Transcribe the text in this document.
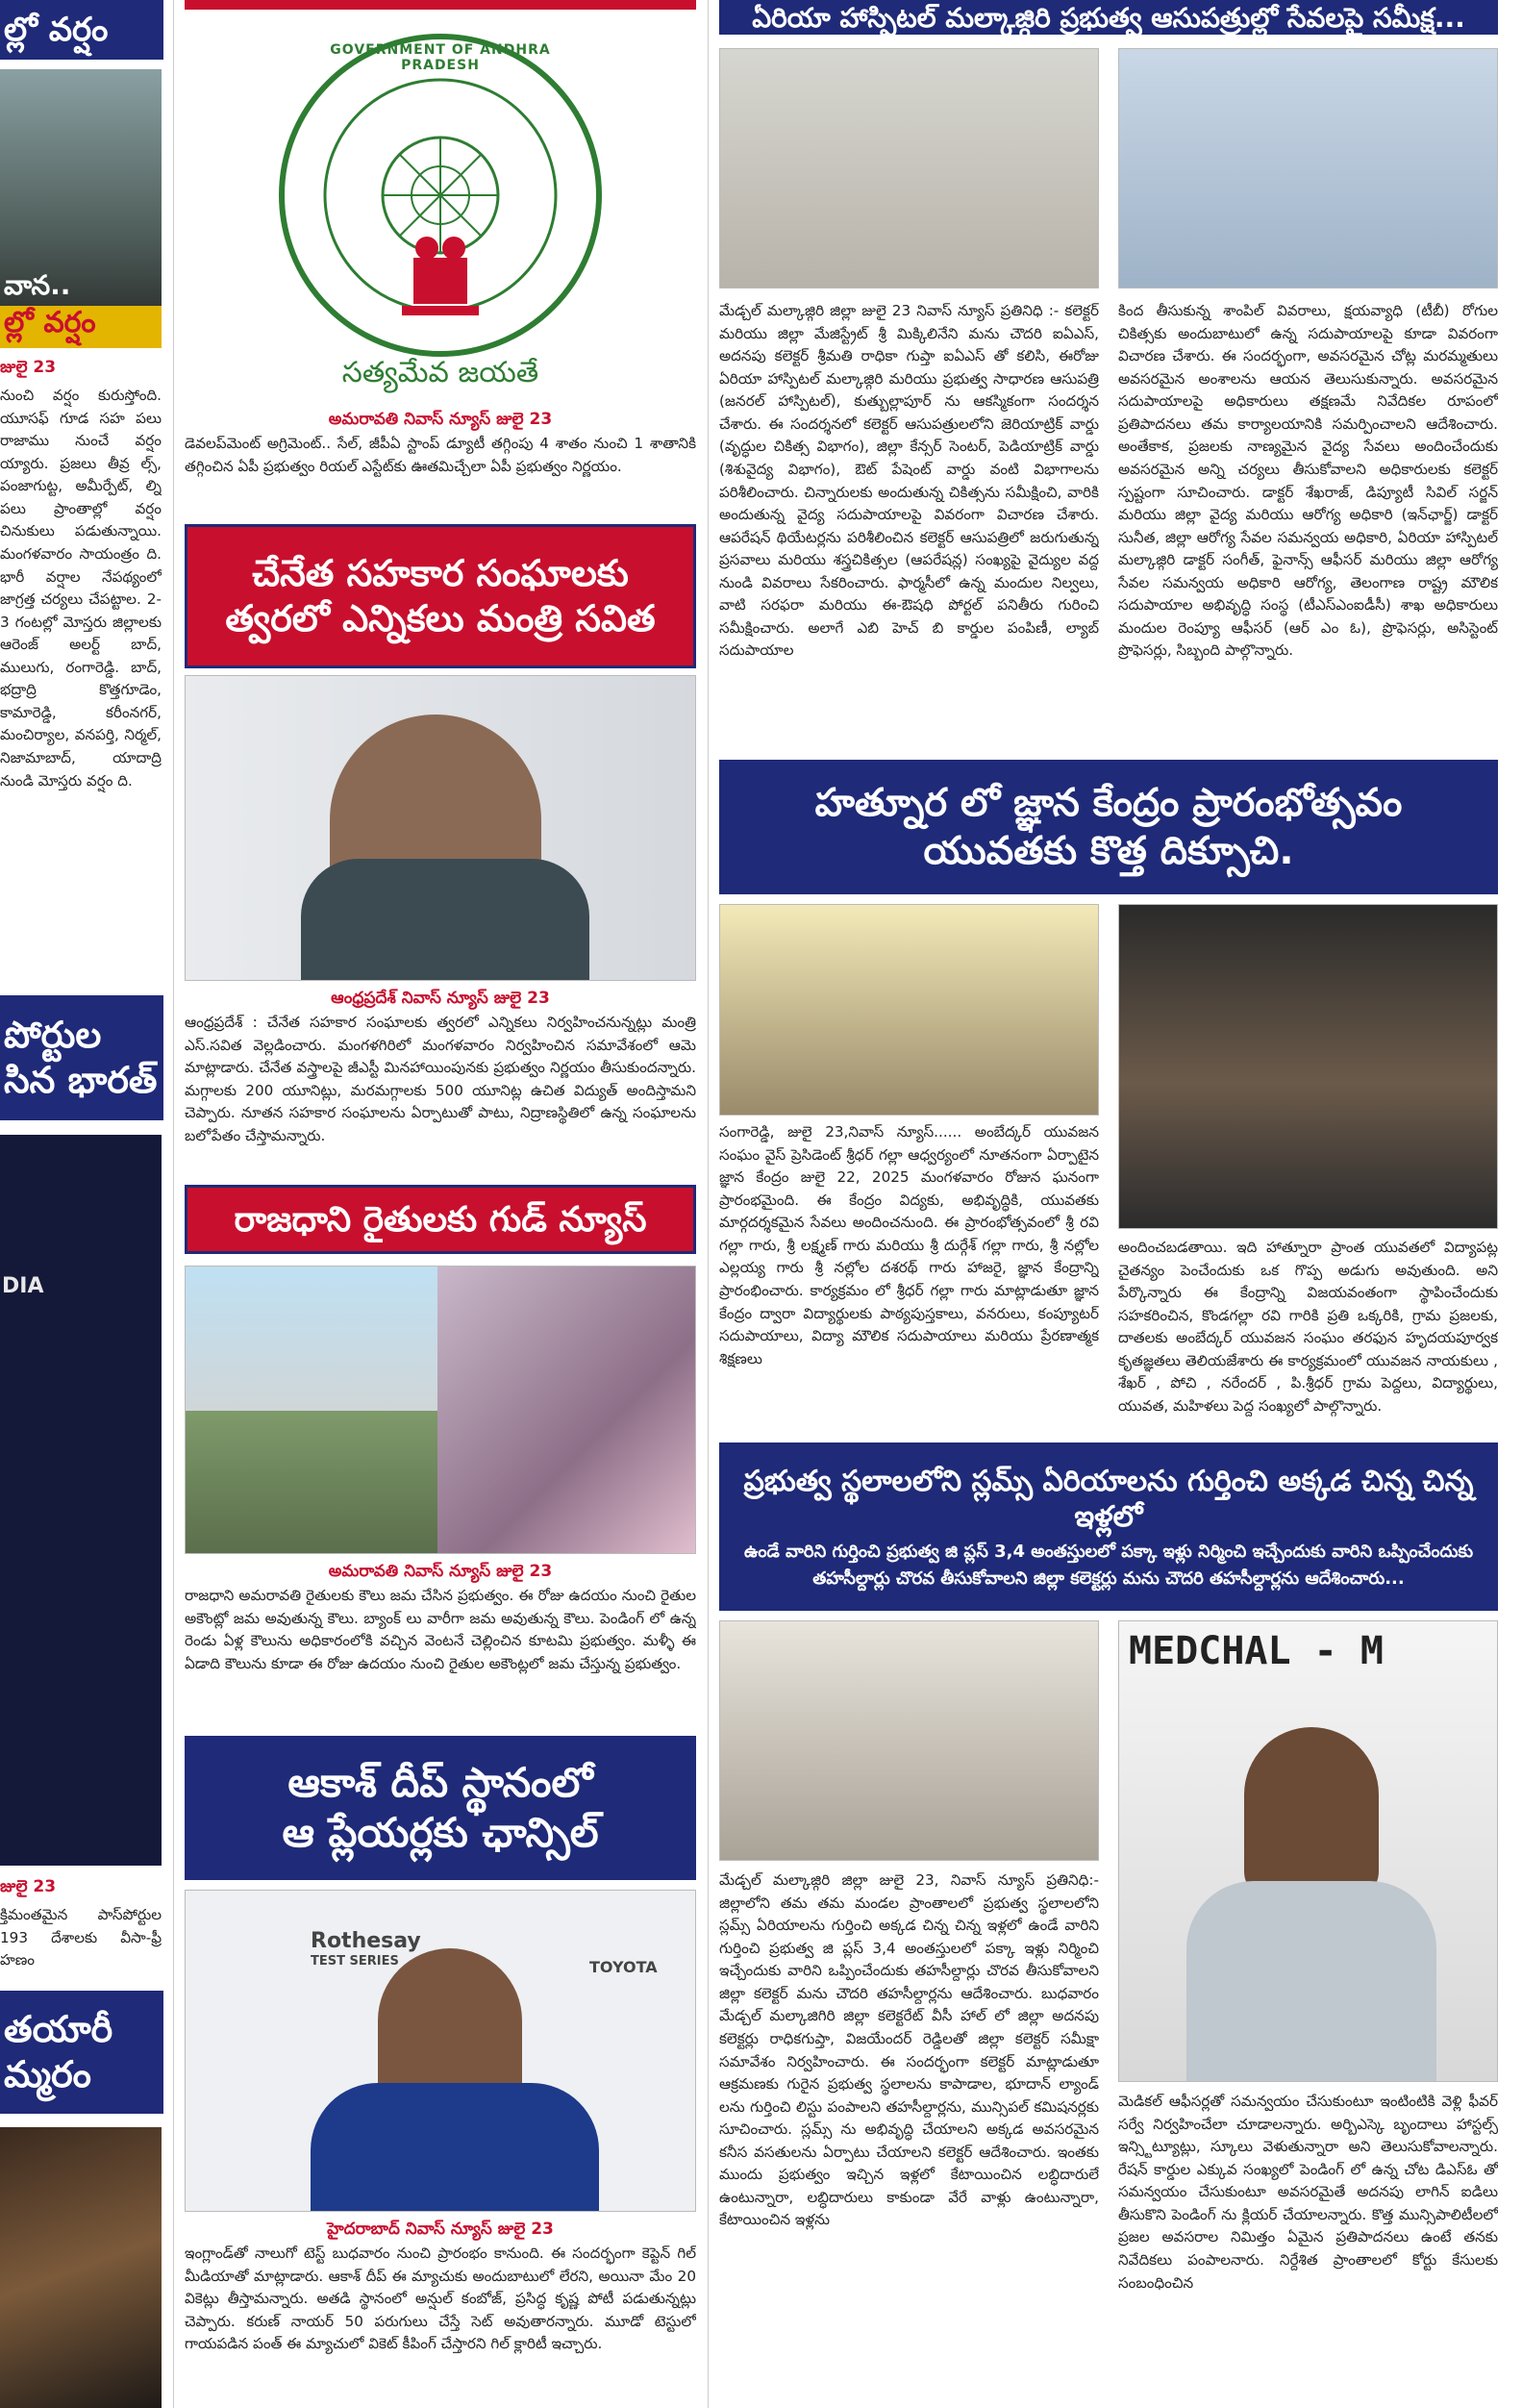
ల్లో వర్షం
వాన..
ల్లో వర్షం
జులై 23
నుంచి వర్షం కురుస్తోంది. యూసఫ్ గూడ సహ పలు రాజాము నుంచే వర్షం య్యారు. ప్రజలు తీవ్ర ల్స్, పంజాగుట్ట, అమీర్పేట్, ల్ని పలు ప్రాంతాల్లో వర్షం చినుకులు పడుతున్నాయి. మంగళవారం సాయంత్రం ది. భారీ వర్షాల నేపథ్యంలో జాగ్రత్త చర్యలు చేపట్టాల. 2-3 గంటల్లో మోస్తరు జిల్లాలకు ఆరెంజ్ అలర్ట్ బాద్, ములుగు, రంగారెడ్డి. బాద్, భద్రాద్రి కొత్తగూడెం, కామారెడ్డి, కరీంనగర్, మంచిర్యాల, వనపర్తి, నిర్మల్, నిజామాబాద్, యాదాద్రి నుండి మోస్తరు వర్షం ది.
పోర్టుల
సిన భారత్
DIA
జులై 23
క్తిమంతమైన పాస్‌పోర్టుల 193 దేశాలకు వీసా-ఫ్రీ హణం
తయారీ
మ్మరం
GOVERNMENT OF ANDHRA PRADESH
సత్యమేవ జయతే
అమరావతి నివాస్ న్యూస్ జులై 23
డెవలప్‌మెంట్ అగ్రిమెంట్.. సేల్, జీపీఏ స్టాంప్ డ్యూటీ తగ్గింపు 4 శాతం నుంచి 1 శాతానికి తగ్గించిన ఏపీ ప్రభుత్వం రియల్ ఎస్టేట్‌కు ఊతమిచ్చేలా ఏపీ ప్రభుత్వం నిర్ణయం.
చేనేత సహకార సంఘాలకు
త్వరలో ఎన్నికలు మంత్రి సవిత
ఆంధ్రప్రదేశ్ నివాస్ న్యూస్ జులై 23
ఆంధ్రప్రదేశ్ : చేనేత సహకార సంఘాలకు త్వరలో ఎన్నికలు నిర్వహించనున్నట్లు మంత్రి ఎస్.సవిత వెల్లడించారు. మంగళగిరిలో మంగళవారం నిర్వహించిన సమావేశంలో ఆమె మాట్లాడారు. చేనేత వస్త్రాలపై జీఎస్టీ మినహాయింపునకు ప్రభుత్వం నిర్ణయం తీసుకుందన్నారు. మగ్గాలకు 200 యూనిట్లు, మరమగ్గాలకు 500 యూనిట్ల ఉచిత విద్యుత్ అందిస్తామని చెప్పారు. నూతన సహకార సంఘాలను ఏర్పాటుతో పాటు, నిద్రాణస్థితిలో ఉన్న సంఘాలను బలోపేతం చేస్తామన్నారు.
రాజధాని రైతులకు గుడ్ న్యూస్
అమరావతి నివాస్ న్యూస్ జులై 23
రాజధాని అమరావతి రైతులకు కౌలు జమ చేసిన ప్రభుత్వం. ఈ రోజు ఉదయం నుంచి రైతుల అకౌంట్లో జమ అవుతున్న కౌలు. బ్యాంక్ లు వారీగా జమ అవుతున్న కౌలు. పెండింగ్ లో ఉన్న రెండు ఏళ్ల కౌలును అధికారంలోకి వచ్చిన వెంటనే చెల్లించిన కూటమి ప్రభుత్వం. మళ్ళీ ఈ ఏడాది కౌలును కూడా ఈ రోజు ఉదయం నుంచి రైతుల అకౌంట్లలో జమ చేస్తున్న ప్రభుత్వం.
ఆకాశ్ దీప్ స్థానంలో
ఆ ప్లేయర్లకు ఛాన్సిల్
Rothesay
TEST SERIES	TOYOTA
హైదరాబాద్ నివాస్ న్యూస్ జులై 23
ఇంగ్లాండ్‌తో నాలుగో టెస్ట్ బుధవారం నుంచి ప్రారంభం కానుంది. ఈ సందర్భంగా కెప్టెన్ గిల్ మీడియాతో మాట్లాడారు. ఆకాశ్ దీప్ ఈ మ్యాచుకు అందుబాటులో లేరని, అయినా మేం 20 వికెట్లు తీస్తామన్నారు. అతడి స్థానంలో అన్షుల్ కంబోజ్, ప్రసిద్ధ కృష్ణ పోటీ పడుతున్నట్లు చెప్పారు. కరుణ్ నాయర్ 50 పరుగులు చేస్తే సెట్ అవుతారన్నారు. మూడో టెస్టులో గాయపడిన పంత్ ఈ మ్యాచులో వికెట్ కీపింగ్ చేస్తారని గిల్ క్లారిటీ ఇచ్చారు.
ఏరియా హాస్పిటల్ మల్కాజ్గిరి ప్రభుత్వ ఆసుపత్రుల్లో సేవలపై సమీక్ష...
మేడ్చల్ మల్కాజ్గిరి జిల్లా జులై 23 నివాస్ న్యూస్ ప్రతినిధి :- కలెక్టర్ మరియు జిల్లా మేజిస్ట్రేట్ శ్రీ మిక్కిలినేని మను చౌదరి ఐఏఎస్, అదనపు కలెక్టర్ శ్రీమతి రాధికా గుప్తా ఐఏఎస్ తో కలిసి, ఈరోజు ఏరియా హాస్పిటల్ మల్కాజ్గిరి మరియు ప్రభుత్వ సాధారణ ఆసుపత్రి (జనరల్ హాస్పిటల్), కుత్బుల్లాపూర్ ను ఆకస్మికంగా సందర్శన చేశారు. ఈ సందర్శనలో కలెక్టర్ ఆసుపత్రులలోని జెరియాట్రిక్ వార్డు (వృద్ధుల చికిత్స విభాగం), జిల్లా కేన్సర్ సెంటర్, పెడియాట్రిక్ వార్డు (శిశువైద్య విభాగం), ఔట్ పేషెంట్ వార్డు వంటి విభాగాలను పరిశీలించారు. చిన్నారులకు అందుతున్న చికిత్సను సమీక్షించి, వారికి అందుతున్న వైద్య సదుపాయాలపై వివరంగా విచారణ చేశారు. ఆపరేషన్ థియేటర్లను పరిశీలించిన కలెక్టర్ ఆసుపత్రిలో జరుగుతున్న ప్రసవాలు మరియు శస్త్రచికిత్సల (ఆపరేషన్ల) సంఖ్యపై వైద్యుల వద్ద నుండి వివరాలు సేకరించారు. ఫార్మసీలో ఉన్న మందుల నిల్వలు, వాటి సరఫరా మరియు ఈ-ఔషధి పోర్టల్ పనితీరు గురించి సమీక్షించారు. అలాగే ఎబి హెచ్ బి కార్డుల పంపిణీ, ల్యాబ్ సదుపాయాల
కింద తీసుకున్న శాంపిల్ వివరాలు, క్షయవ్యాధి (టీబీ) రోగుల చికిత్సకు అందుబాటులో ఉన్న సదుపాయాలపై కూడా వివరంగా విచారణ చేశారు. ఈ సందర్భంగా, అవసరమైన చోట్ల మరమ్మతులు అవసరమైన అంశాలను ఆయన తెలుసుకున్నారు. అవసరమైన సదుపాయాలపై అధికారులు తక్షణమే నివేదికల రూపంలో ప్రతిపాదనలు తమ కార్యాలయానికి సమర్పించాలని ఆదేశించారు. అంతేకాక, ప్రజలకు నాణ్యమైన వైద్య సేవలు అందించేందుకు అవసరమైన అన్ని చర్యలు తీసుకోవాలని అధికారులకు కలెక్టర్ స్పష్టంగా సూచించారు. డాక్టర్ శేఖరాజ్, డిప్యూటీ సివిల్ సర్జన్ మరియు జిల్లా వైద్య మరియు ఆరోగ్య అధికారి (ఇన్‌ఛార్జ్) డాక్టర్ సునీత, జిల్లా ఆరోగ్య సేవల సమన్వయ అధికారి, ఏరియా హాస్పిటల్ మల్కాజ్గిరి డాక్టర్ సంగీత్, ఫైనాన్స్ ఆఫీసర్ మరియు జిల్లా ఆరోగ్య సేవల సమన్వయ అధికారి ఆరోగ్య, తెలంగాణ రాష్ట్ర మౌలిక సదుపాయాల అభివృద్ధి సంస్థ (టీఎస్ఎంఐడీసీ) శాఖ అధికారులు మందుల రెంప్యూ ఆఫీసర్ (ఆర్ ఎం ఓ), ప్రొఫెసర్లు, అసిస్టెంట్ ప్రొఫెసర్లు, సిబ్బంది పాల్గొన్నారు.
హత్నూర లో జ్ఞాన కేంద్రం ప్రారంభోత్సవం
యువతకు కొత్త దిక్సూచి.
సంగారెడ్డి, జులై 23,నివాస్ న్యూస్...... అంబేద్కర్ యువజన సంఘం వైస్ ప్రెసిడెంట్ శ్రీధర్ గల్లా ఆధ్వర్యంలో నూతనంగా ఏర్పాటైన జ్ఞాన కేంద్రం జులై 22, 2025 మంగళవారం రోజున ఘనంగా ప్రారంభమైంది. ఈ కేంద్రం విద్యకు, అభివృద్ధికి, యువతకు మార్గదర్శకమైన సేవలు అందించనుంది. ఈ ప్రారంభోత్సవంలో శ్రీ రవి గల్లా గారు, శ్రీ లక్ష్మణ్ గారు మరియు శ్రీ దుర్గేశ్ గల్లా గారు, శ్రీ నల్లోల ఎల్లయ్య గారు శ్రీ నల్లోల దశరథ్ గారు హాజరై, జ్ఞాన కేంద్రాన్ని ప్రారంభించారు. కార్యక్రమం లో శ్రీధర్ గల్లా గారు మాట్లాడుతూ జ్ఞాన కేంద్రం ద్వారా విద్యార్థులకు పాఠ్యపుస్తకాలు, వనరులు, కంప్యూటర్ సదుపాయాలు, విద్యా మౌలిక సదుపాయాలు మరియు ప్రేరణాత్మక శిక్షణలు
అందించబడతాయి. ఇది హాత్నూరా ప్రాంత యువతలో విద్యాపట్ల చైతన్యం పెంచేందుకు ఒక గొప్ప అడుగు అవుతుంది. అని పేర్కొన్నారు ఈ కేంద్రాన్ని విజయవంతంగా స్థాపించేందుకు సహకరించిన, కొండగల్లా రవి గారికి ప్రతి ఒక్కరికి, గ్రామ ప్రజలకు, దాతలకు అంబేద్కర్ యువజన సంఘం తరఫున హృదయపూర్వక కృతజ్ఞతలు తెలియజేశారు ఈ కార్యక్రమంలో యువజన నాయకులు , శేఖర్ , పోచి , నరేందర్ , పి.శ్రీధర్ గ్రామ పెద్దలు, విద్యార్థులు, యువత, మహిళలు పెద్ద సంఖ్యలో పాల్గొన్నారు.
ప్రభుత్వ స్థలాలలోని స్లమ్స్ ఏరియాలను గుర్తించి అక్కడ చిన్న చిన్న ఇళ్లలో
ఉండే వారిని గుర్తించి ప్రభుత్వ జి ప్లస్ 3,4 అంతస్తులలో పక్కా ఇళ్లు నిర్మించి ఇచ్చేందుకు వారిని ఒప్పించేందుకు
తహసీల్దార్లు చొరవ తీసుకోవాలని జిల్లా కలెక్టర్లు మను చౌదరి తహసీల్దార్లను ఆదేశించారు...
MEDCHAL - M
మేడ్చల్ మల్కాజ్గిరి జిల్లా జులై 23, నివాస్ న్యూస్ ప్రతినిధి:- జిల్లాలోని తమ తమ మండల ప్రాంతాలలో ప్రభుత్వ స్థలాలలోని స్లమ్స్ ఏరియాలను గుర్తించి అక్కడ చిన్న చిన్న ఇళ్లలో ఉండే వారిని గుర్తించి ప్రభుత్వ జి ప్లస్ 3,4 అంతస్తులలో పక్కా ఇళ్లు నిర్మించి ఇచ్చేందుకు వారిని ఒప్పించేందుకు తహసీల్దార్లు చొరవ తీసుకోవాలని జిల్లా కలెక్టర్ మను చౌదరి తహసీల్దార్లను ఆదేశించారు. బుధవారం మేడ్చల్ మల్కాజిగిరి జిల్లా కలెక్టరేట్ వీసీ హాల్ లో జిల్లా అదనపు కలెక్టర్లు రాధికగుప్తా, విజయేందర్ రెడ్డిలతో జిల్లా కలెక్టర్ సమీక్షా సమావేశం నిర్వహించారు. ఈ సందర్భంగా కలెక్టర్ మాట్లాడుతూ ఆక్రమణకు గురైన ప్రభుత్వ స్థలాలను కాపాడాల, భూదాన్ ల్యాండ్ లను గుర్తించి లిస్టు పంపాలని తహసీల్దార్లను, మున్సిపల్ కమిషనర్లకు సూచించారు. స్లమ్స్ ను అభివృద్ధి చేయాలని అక్కడ అవసరమైన కనీస వసతులను ఏర్పాటు చేయాలని కలెక్టర్ ఆదేశించారు. ఇంతకు ముందు ప్రభుత్వం ఇచ్చిన ఇళ్లలో కేటాయించిన లబ్ధిదారులే ఉంటున్నారా, లబ్ధిదారులు కాకుండా వేరే వాళ్లు ఉంటున్నారా, కేటాయించిన ఇళ్లను
మెడికల్ ఆఫీసర్లతో సమన్వయం చేసుకుంటూ ఇంటింటికి వెళ్లి ఫీవర్ సర్వే నిర్వహించేలా చూడాలన్నారు. అర్బిఎస్కె బృందాలు హాస్టల్స్ ఇన్స్టిట్యూట్లు, స్కూలు వెళుతున్నారా అని తెలుసుకోవాలన్నారు. రేషన్ కార్డుల ఎక్కువ సంఖ్యలో పెండింగ్ లో ఉన్న చోట డిఎస్ఓ తో సమన్వయం చేసుకుంటూ అవసరమైతే అదనపు లాగిన్ ఐడిలు తీసుకొని పెండింగ్ ను క్లియర్ చేయాలన్నారు. కొత్త మున్సిపాలిటీలలో ప్రజల అవసరాల నిమిత్తం ఏమైన ప్రతిపాదనలు ఉంటే తనకు నివేదికలు పంపాలనారు. నిర్దేశిత ప్రాంతాలలో కోర్టు కేసులకు సంబంధించిన
